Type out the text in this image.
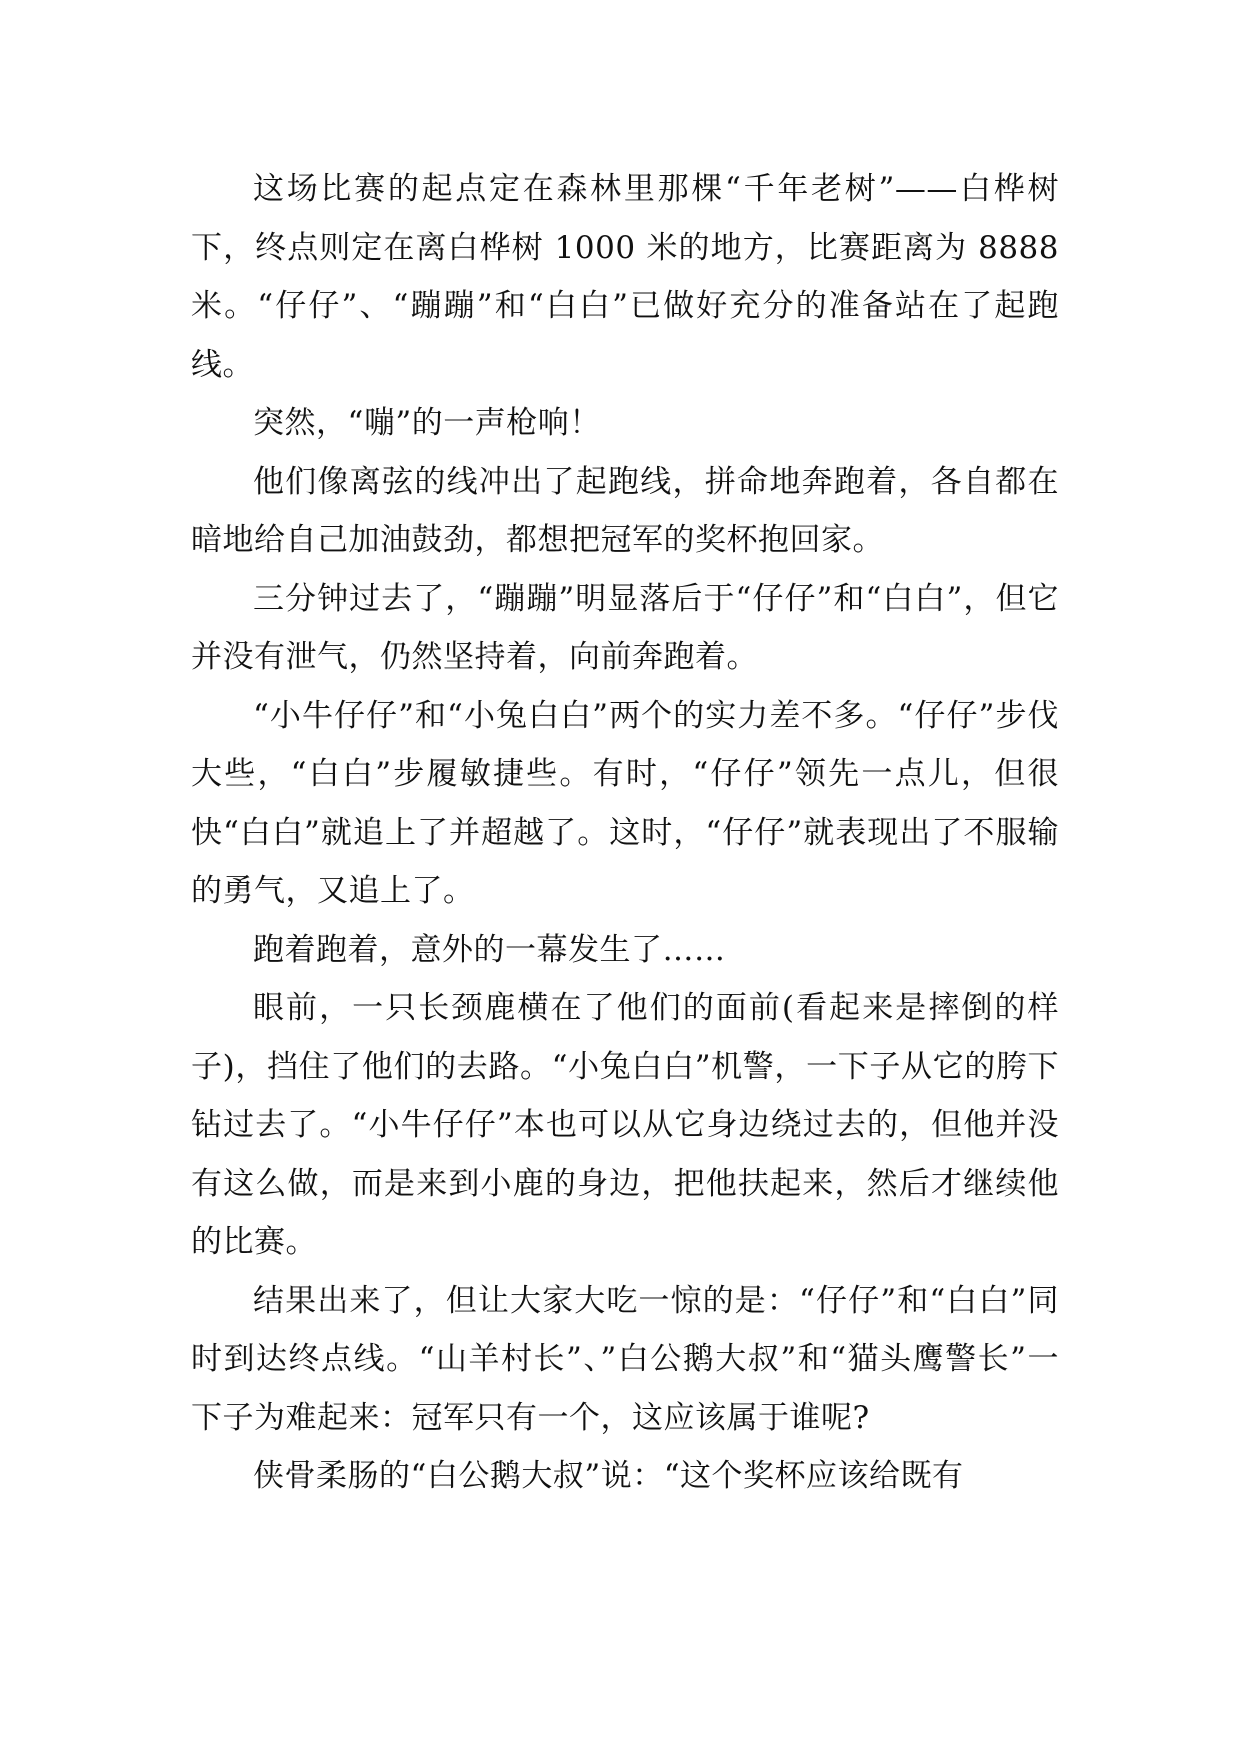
这场比赛的起点定在森林里那棵“千年老树”——白桦树下，终点则定在离白桦树 1000 米的地方，比赛距离为 8888 米。“仔仔”、“蹦蹦”和“白白”已做好充分的准备站在了起跑线。

突然，“嘣”的一声枪响！

他们像离弦的线冲出了起跑线，拼命地奔跑着，各自都在暗地给自己加油鼓劲，都想把冠军的奖杯抱回家。

三分钟过去了，“蹦蹦”明显落后于“仔仔”和“白白”，但它并没有泄气，仍然坚持着，向前奔跑着。

“小牛仔仔”和“小兔白白”两个的实力差不多。“仔仔”步伐大些，“白白”步履敏捷些。有时，“仔仔”领先一点儿，但很快“白白”就追上了并超越了。这时，“仔仔”就表现出了不服输的勇气，又追上了。

跑着跑着，意外的一幕发生了……

眼前，一只长颈鹿横在了他们的面前(看起来是摔倒的样子)，挡住了他们的去路。“小兔白白”机警，一下子从它的胯下钻过去了。“小牛仔仔”本也可以从它身边绕过去的，但他并没有这么做，而是来到小鹿的身边，把他扶起来，然后才继续他的比赛。

结果出来了，但让大家大吃一惊的是：“仔仔”和“白白”同时到达终点线。“山羊村长”、”白公鹅大叔”和“猫头鹰警长”一下子为难起来：冠军只有一个，这应该属于谁呢?

侠骨柔肠的“白公鹅大叔”说：“这个奖杯应该给既有
